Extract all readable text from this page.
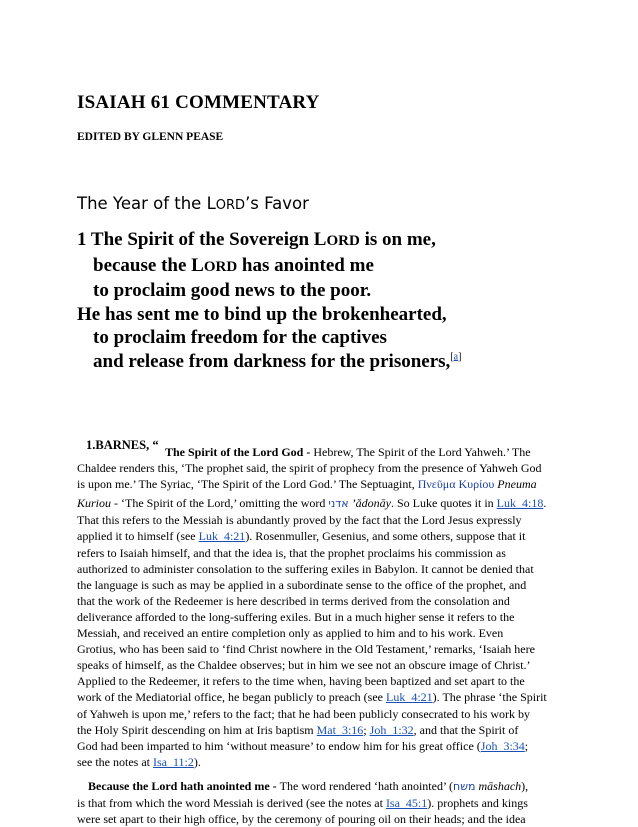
ISAIAH 61 COMMENTARY
EDITED BY GLENN PEASE
The Year of the LORD’s Favor
1 The Spirit of the Sovereign LORD is on me,
because the LORD has anointed me
to proclaim good news to the poor.
He has sent me to bind up the brokenhearted,
to proclaim freedom for the captives
and release from darkness for the prisoners,[a]
1.BARNES, “ The Spirit of the Lord God - Hebrew, The Spirit of the Lord Yahweh.’ The
Chaldee renders this, ‘The prophet said, the spirit of prophecy from the presence of Yahweh God
is upon me.’ The Syriac, ‘The Spirit of the Lord God.’ The Septuagint, Πνεῦμα Κυρίου Pneuma
Kuriou - ‘The Spirit of the Lord,’ omitting the word אדני ’ădonāy. So Luke quotes it in Luk_4:18.
That this refers to the Messiah is abundantly proved by the fact that the Lord Jesus expressly
applied it to himself (see Luk_4:21). Rosenmuller, Gesenius, and some others, suppose that it
refers to Isaiah himself, and that the idea is, that the prophet proclaims his commission as
authorized to administer consolation to the suffering exiles in Babylon. It cannot be denied that
the language is such as may be applied in a subordinate sense to the office of the prophet, and
that the work of the Redeemer is here described in terms derived from the consolation and
deliverance afforded to the long-suffering exiles. But in a much higher sense it refers to the
Messiah, and received an entire completion only as applied to him and to his work. Even
Grotius, who has been said to ‘find Christ nowhere in the Old Testament,’ remarks, ‘Isaiah here
speaks of himself, as the Chaldee observes; but in him we see not an obscure image of Christ.’
Applied to the Redeemer, it refers to the time when, having been baptized and set apart to the
work of the Mediatorial office, he began publicly to preach (see Luk_4:21). The phrase ‘the Spirit
of Yahweh is upon me,’ refers to the fact; that he had been publicly consecrated to his work by
the Holy Spirit descending on him at Iris baptism Mat_3:16; Joh_1:32, and that the Spirit of
God had been imparted to him ‘without measure’ to endow him for his great office (Joh_3:34;
see the notes at Isa_11:2).
Because the Lord hath anointed me - The word rendered ‘hath anointed’ (משח māshach),
is that from which the word Messiah is derived (see the notes at Isa_45:1). prophets and kings
were set apart to their high office, by the ceremony of pouring oil on their heads; and the idea
